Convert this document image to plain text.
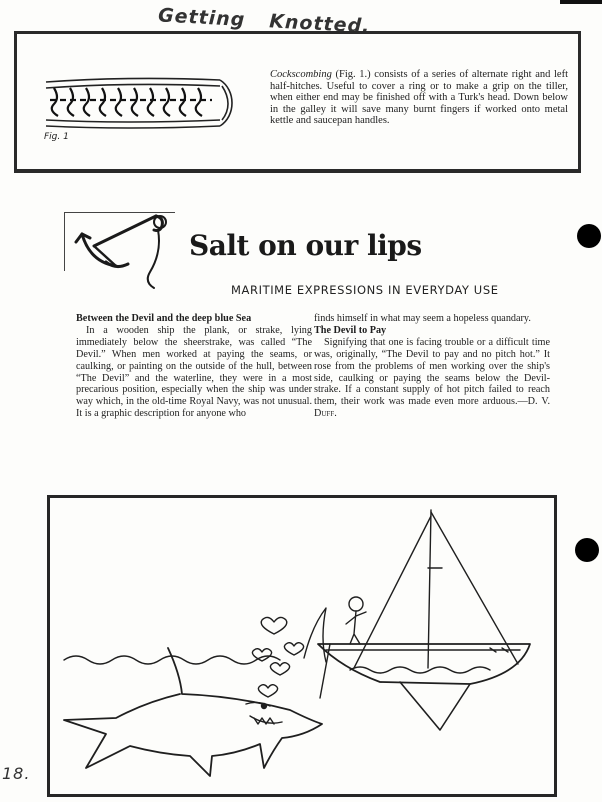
Getting Knotted.
Fig. 1
Cockscombing (Fig. 1.) consists of a series of alternate right and left half-hitches. Useful to cover a ring or to make a grip on the tiller, when either end may be finished off with a Turk's head. Down below in the galley it will save many burnt fingers if worked onto metal kettle and saucepan handles.
Salt on our lips
MARITIME EXPRESSIONS IN EVERYDAY USE

Between the Devil and the deep blue Sea

In a wooden ship the plank, or strake, lying immediately below the sheerstrake, was called “The Devil.” When men worked at paying the seams, or caulking, or painting on the outside of the hull, between “The Devil” and the waterline, they were in a most precarious position, especially when the ship was under way which, in the old-time Royal Navy, was not unusual. It is a graphic description for anyone who

finds himself in what may seem a hopeless quandary.

The Devil to Pay

Signifying that one is facing trouble or a difficult time was, originally, “The Devil to pay and no pitch hot.” It rose from the problems of men working over the ship's side, caulking or paying the seams below the Devil-strake. If a constant supply of hot pitch failed to reach them, their work was made even more arduous.—D. V. Duff.

18.
